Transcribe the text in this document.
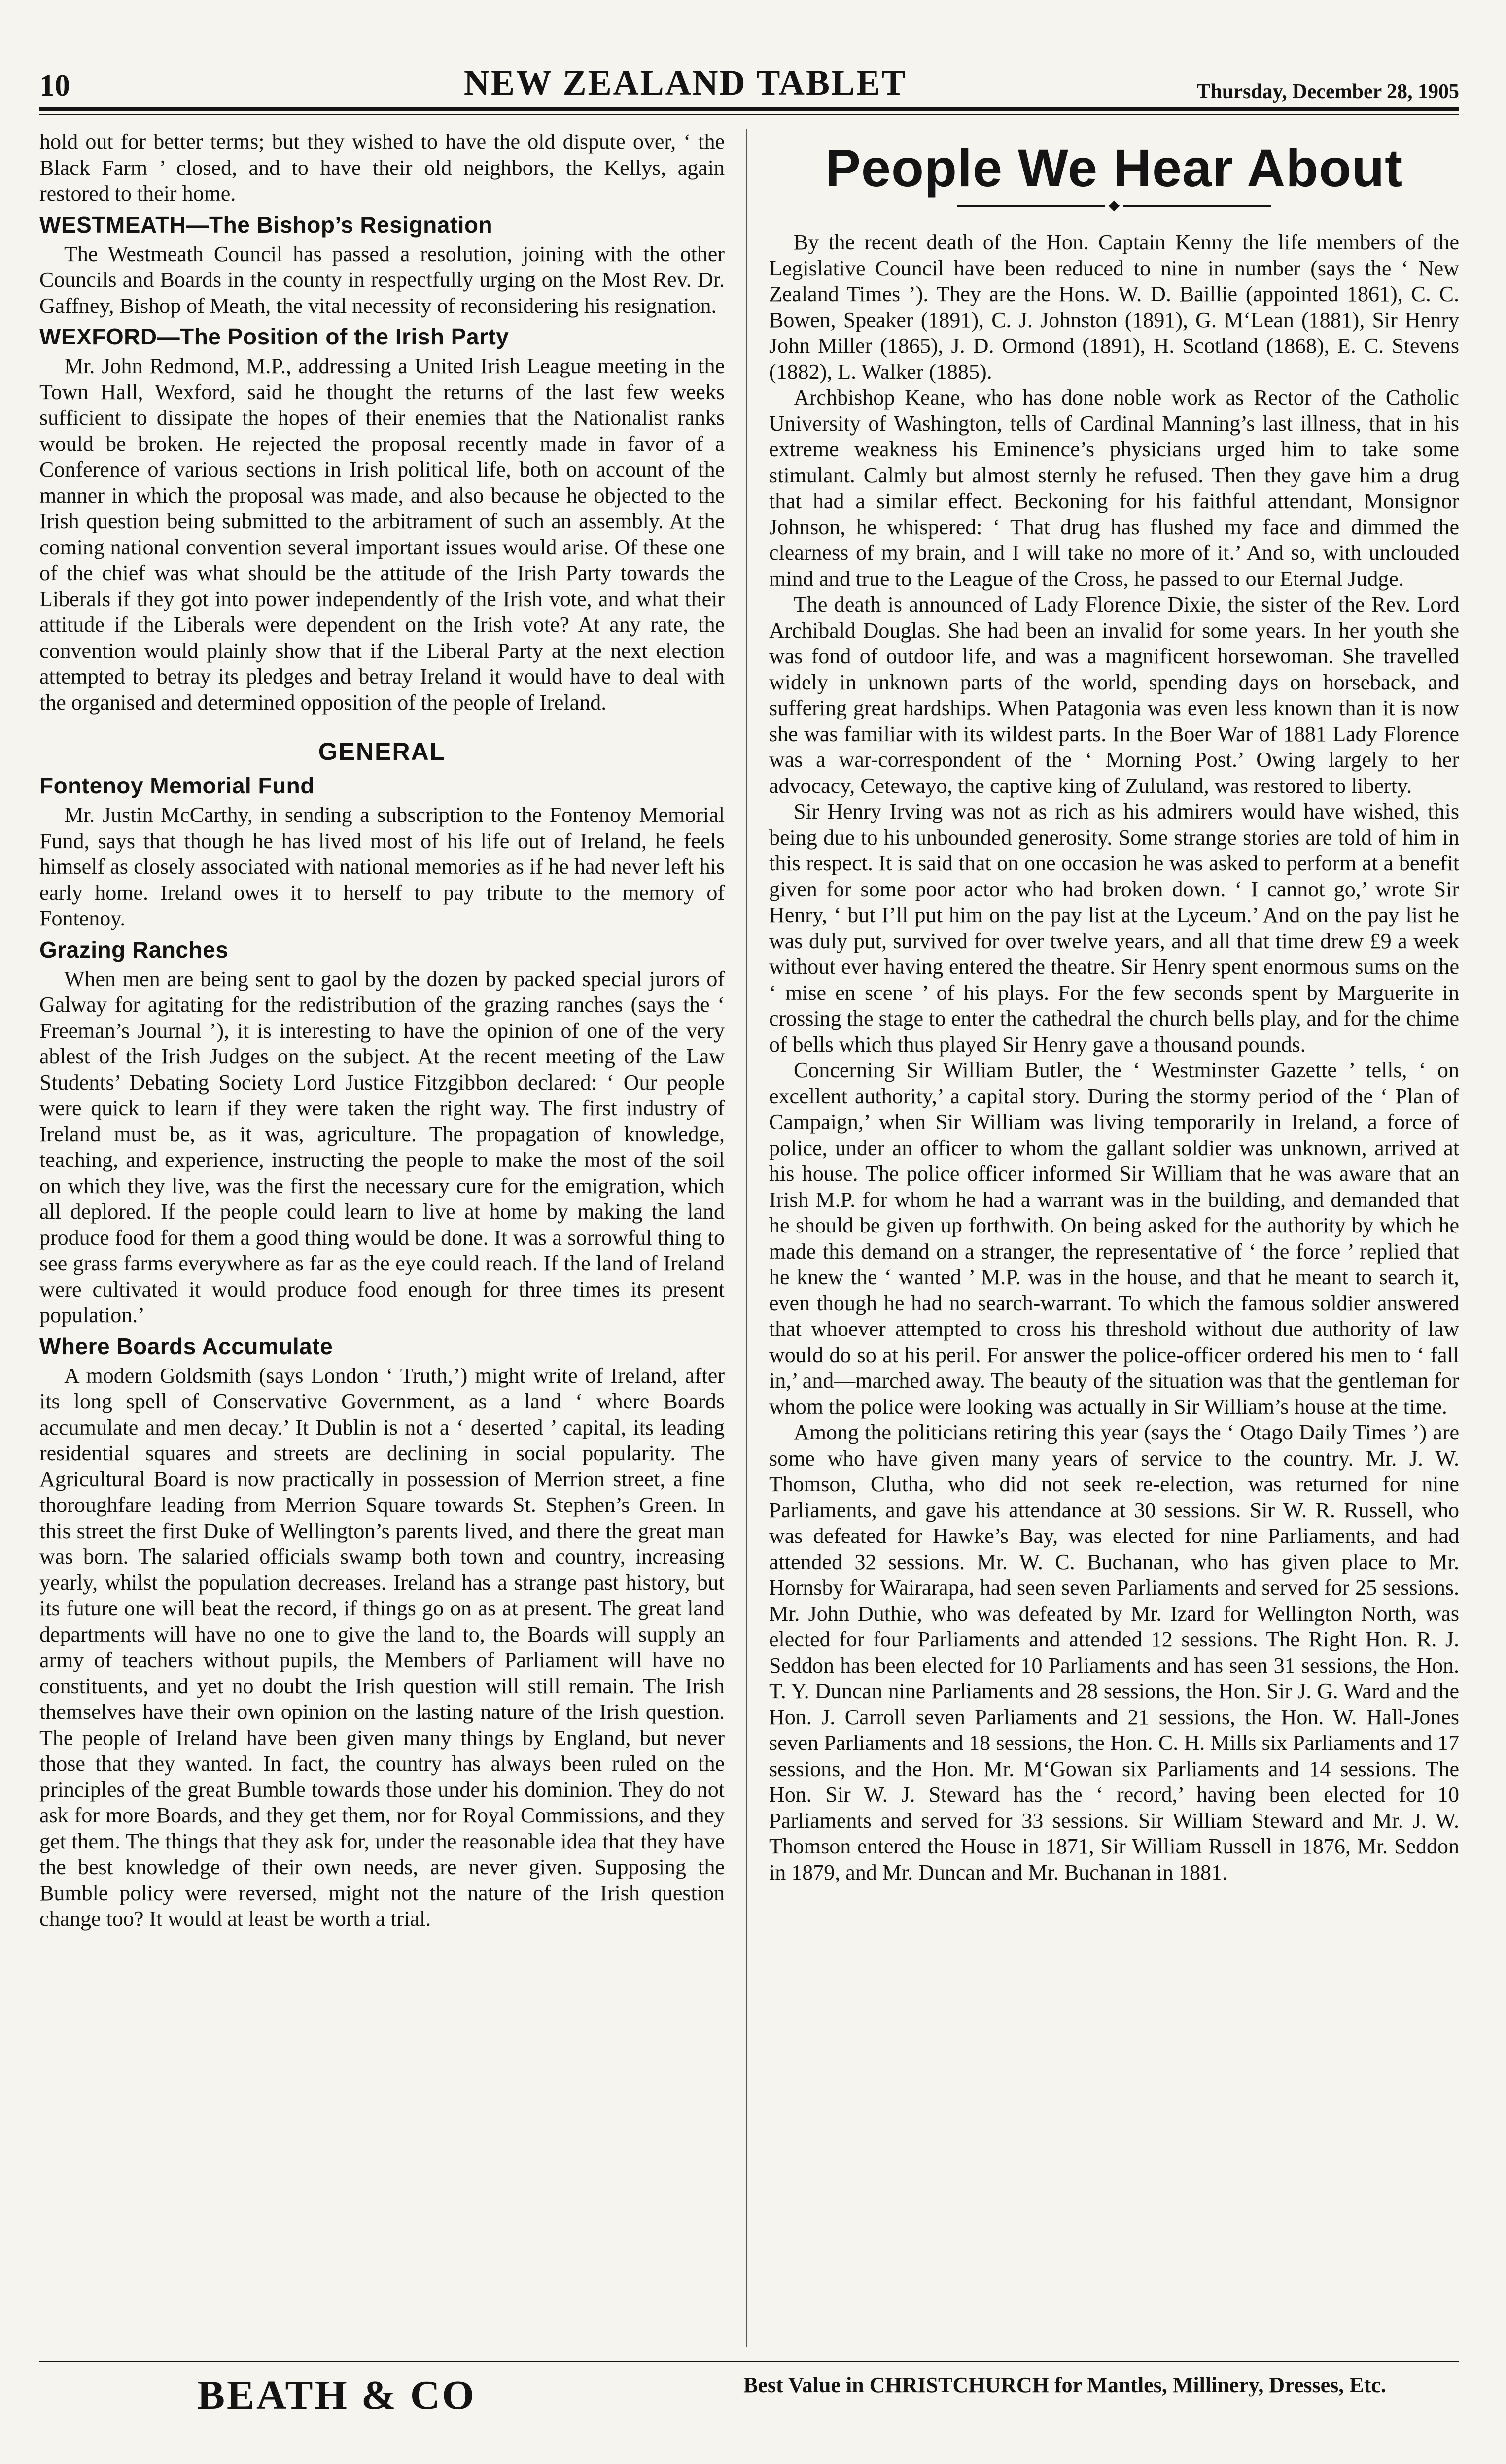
10	NEW ZEALAND TABLET	Thursday, December 28, 1905

hold out for better terms; but they wished to have the old dispute over, ‘ the Black Farm ’ closed, and to have their old neighbors, the Kellys, again restored to their home.

WESTMEATH—The Bishop’s Resignation

The Westmeath Council has passed a resolution, joining with the other Councils and Boards in the county in respectfully urging on the Most Rev. Dr. Gaffney, Bishop of Meath, the vital necessity of reconsidering his resignation.

WEXFORD—The Position of the Irish Party

Mr. John Redmond, M.P., addressing a United Irish League meeting in the Town Hall, Wexford, said he thought the returns of the last few weeks sufficient to dissipate the hopes of their enemies that the Nationalist ranks would be broken. He rejected the proposal recently made in favor of a Conference of various sections in Irish political life, both on account of the manner in which the proposal was made, and also because he objected to the Irish question being submitted to the arbitrament of such an assembly. At the coming national convention several important issues would arise. Of these one of the chief was what should be the attitude of the Irish Party towards the Liberals if they got into power independently of the Irish vote, and what their attitude if the Liberals were dependent on the Irish vote? At any rate, the convention would plainly show that if the Liberal Party at the next election attempted to betray its pledges and betray Ireland it would have to deal with the organised and determined opposition of the people of Ireland.

GENERAL
Fontenoy Memorial Fund

Mr. Justin McCarthy, in sending a subscription to the Fontenoy Memorial Fund, says that though he has lived most of his life out of Ireland, he feels himself as closely associated with national memories as if he had never left his early home. Ireland owes it to herself to pay tribute to the memory of Fontenoy.

Grazing Ranches

When men are being sent to gaol by the dozen by packed special jurors of Galway for agitating for the redistribution of the grazing ranches (says the ‘ Freeman’s Journal ’), it is interesting to have the opinion of one of the very ablest of the Irish Judges on the subject. At the recent meeting of the Law Students’ Debating Society Lord Justice Fitzgibbon declared: ‘ Our people were quick to learn if they were taken the right way. The first industry of Ireland must be, as it was, agriculture. The propagation of knowledge, teaching, and experience, instructing the people to make the most of the soil on which they live, was the first the necessary cure for the emigration, which all deplored. If the people could learn to live at home by making the land produce food for them a good thing would be done. It was a sorrowful thing to see grass farms everywhere as far as the eye could reach. If the land of Ireland were cultivated it would produce food enough for three times its present population.’

Where Boards Accumulate

A modern Goldsmith (says London ‘ Truth,’) might write of Ireland, after its long spell of Conservative Government, as a land ‘ where Boards accumulate and men decay.’ It Dublin is not a ‘ deserted ’ capital, its leading residential squares and streets are declining in social popularity. The Agricultural Board is now practically in possession of Merrion street, a fine thoroughfare leading from Merrion Square towards St. Stephen’s Green. In this street the first Duke of Wellington’s parents lived, and there the great man was born. The salaried officials swamp both town and country, increasing yearly, whilst the population decreases. Ireland has a strange past history, but its future one will beat the record, if things go on as at present. The great land departments will have no one to give the land to, the Boards will supply an army of teachers without pupils, the Members of Parliament will have no constituents, and yet no doubt the Irish question will still remain. The Irish themselves have their own opinion on the lasting nature of the Irish question. The people of Ireland have been given many things by England, but never those that they wanted. In fact, the country has always been ruled on the principles of the great Bumble towards those under his dominion. They do not ask for more Boards, and they get them, nor for Royal Commissions, and they get them. The things that they ask for, under the reasonable idea that they have the best knowledge of their own needs, are never given. Supposing the Bumble policy were reversed, might not the nature of the Irish question change too? It would at least be worth a trial.

People We Hear About

By the recent death of the Hon. Captain Kenny the life members of the Legislative Council have been reduced to nine in number (says the ‘ New Zealand Times ’). They are the Hons. W. D. Baillie (appointed 1861), C. C. Bowen, Speaker (1891), C. J. Johnston (1891), G. M‘Lean (1881), Sir Henry John Miller (1865), J. D. Ormond (1891), H. Scotland (1868), E. C. Stevens (1882), L. Walker (1885).

Archbishop Keane, who has done noble work as Rector of the Catholic University of Washington, tells of Cardinal Manning’s last illness, that in his extreme weakness his Eminence’s physicians urged him to take some stimulant. Calmly but almost sternly he refused. Then they gave him a drug that had a similar effect. Beckoning for his faithful attendant, Monsignor Johnson, he whispered: ‘ That drug has flushed my face and dimmed the clearness of my brain, and I will take no more of it.’ And so, with unclouded mind and true to the League of the Cross, he passed to our Eternal Judge.

The death is announced of Lady Florence Dixie, the sister of the Rev. Lord Archibald Douglas. She had been an invalid for some years. In her youth she was fond of outdoor life, and was a magnificent horsewoman. She travelled widely in unknown parts of the world, spending days on horseback, and suffering great hardships. When Patagonia was even less known than it is now she was familiar with its wildest parts. In the Boer War of 1881 Lady Florence was a war-correspondent of the ‘ Morning Post.’ Owing largely to her advocacy, Cetewayo, the captive king of Zululand, was restored to liberty.

Sir Henry Irving was not as rich as his admirers would have wished, this being due to his unbounded generosity. Some strange stories are told of him in this respect. It is said that on one occasion he was asked to perform at a benefit given for some poor actor who had broken down. ‘ I cannot go,’ wrote Sir Henry, ‘ but I’ll put him on the pay list at the Lyceum.’ And on the pay list he was duly put, survived for over twelve years, and all that time drew £9 a week without ever having entered the theatre. Sir Henry spent enormous sums on the ‘ mise en scene ’ of his plays. For the few seconds spent by Marguerite in crossing the stage to enter the cathedral the church bells play, and for the chime of bells which thus played Sir Henry gave a thousand pounds.

Concerning Sir William Butler, the ‘ Westminster Gazette ’ tells, ‘ on excellent authority,’ a capital story. During the stormy period of the ‘ Plan of Campaign,’ when Sir William was living temporarily in Ireland, a force of police, under an officer to whom the gallant soldier was unknown, arrived at his house. The police officer informed Sir William that he was aware that an Irish M.P. for whom he had a warrant was in the building, and demanded that he should be given up forthwith. On being asked for the authority by which he made this demand on a stranger, the representative of ‘ the force ’ replied that he knew the ‘ wanted ’ M.P. was in the house, and that he meant to search it, even though he had no search-warrant. To which the famous soldier answered that whoever attempted to cross his threshold without due authority of law would do so at his peril. For answer the police-officer ordered his men to ‘ fall in,’ and—marched away. The beauty of the situation was that the gentleman for whom the police were looking was actually in Sir William’s house at the time.

Among the politicians retiring this year (says the ‘ Otago Daily Times ’) are some who have given many years of service to the country. Mr. J. W. Thomson, Clutha, who did not seek re-election, was returned for nine Parliaments, and gave his attendance at 30 sessions. Sir W. R. Russell, who was defeated for Hawke’s Bay, was elected for nine Parliaments, and had attended 32 sessions. Mr. W. C. Buchanan, who has given place to Mr. Hornsby for Wairarapa, had seen seven Parliaments and served for 25 sessions. Mr. John Duthie, who was defeated by Mr. Izard for Wellington North, was elected for four Parliaments and attended 12 sessions. The Right Hon. R. J. Seddon has been elected for 10 Parliaments and has seen 31 sessions, the Hon. T. Y. Duncan nine Parliaments and 28 sessions, the Hon. Sir J. G. Ward and the Hon. J. Carroll seven Parliaments and 21 sessions, the Hon. W. Hall-Jones seven Parliaments and 18 sessions, the Hon. C. H. Mills six Parliaments and 17 sessions, and the Hon. Mr. M‘Gowan six Parliaments and 14 sessions. The Hon. Sir W. J. Steward has the ‘ record,’ having been elected for 10 Parliaments and served for 33 sessions. Sir William Steward and Mr. J. W. Thomson entered the House in 1871, Sir William Russell in 1876, Mr. Seddon in 1879, and Mr. Duncan and Mr. Buchanan in 1881.

BEATH & CO	Best Value in CHRISTCHURCH for Mantles, Millinery, Dresses, Etc.
